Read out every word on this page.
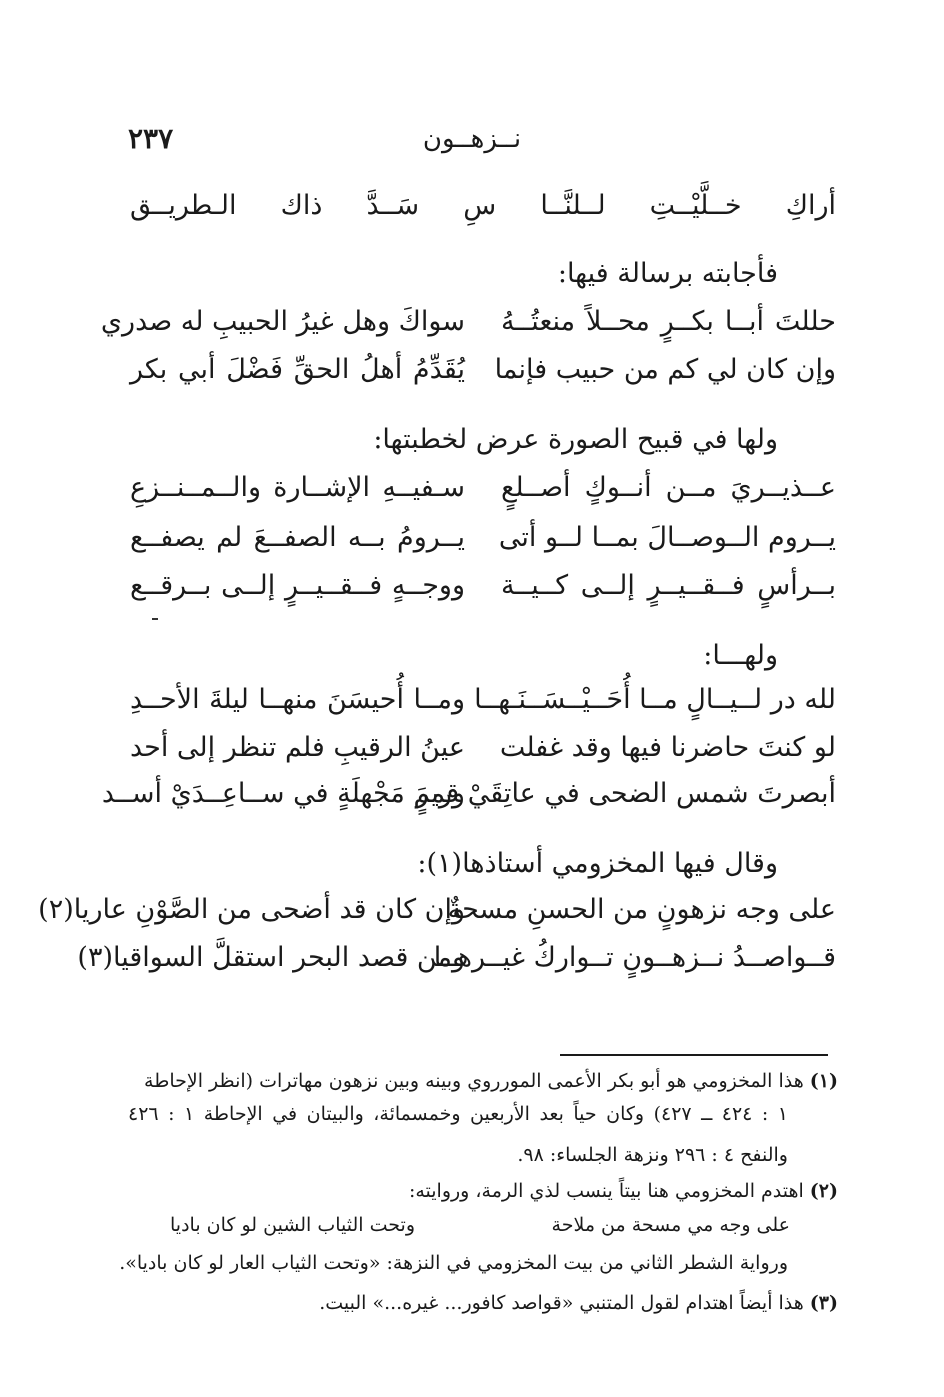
نــزهــون
٢٣٧
أراكِ
خــلَّيْــتِ
لــلنَّــا
سِ
سَــدَّ
ذاك
الـطريــق
فأجابته برسالة فيها:
حللتَ أبــا بكــرٍ محــلاً منعتُــهُ
سواكَ وهل غيرُ الحبيبِ له صدري
وإن كان لي كم من حبيب فإنما
يُقَدِّمُ أهلُ الحقِّ فَضْلَ أبي بكر
ولها في قبيح الصورة عرض لخطبتها:
عــذيــريَ مــن أنــوكٍ أصــلعٍ
سـفيــهِ الإشــارة والــمــنــزعِ
يــروم الــوصــالَ بمــا لــو أتى
يــرومُ بــه الصفــعَ لم يصفــع
بــرأسٍ فــقــيــرٍ إلــى كــيــة
ووجــهٍ فــقــيــرٍ إلــى بــرقــع
ولهـــا:
لله در لــيــالٍ مــا أُحَــيْــسَــنَـهــا
ومــا أُحيسَنَ منهــا ليلةَ الأحــدِ
لو كنتَ حاضرنا فيها وقد غفلت
عينُ الرقيبِ فلم تنظر إلى أحد
أبصرتَ شمس الضحى في عاتِقَيْ قمرٍ
وريمَ مَجْهلَةٍ في ســاعِــدَيْ أســد
وقال فيها المخزومي أستاذها(١):
على وجه نزهونٍ من الحسنِ مسحةٌ
وإن كان قد أضحى من الصَّوْنِ عاريا(٢)
قــواصــدُ نــزهــونٍ تــواركُ غيــرهــا
ومن قصد البحر استقلَّ السواقيا(٣)
(١)هذا المخزومي هو أبو بكر الأعمى المورروي وبينه وبين نزهون مهاترات (انظر الإحاطة
١ : ٤٢٤ ــ ٤٢٧) وكان حياً بعد الأربعين وخمسمائة، والبيتان في الإحاطة ١ : ٤٢٦
والنفح ٤ : ٢٩٦ ونزهة الجلساء: ٩٨.
(٢)اهتدم المخزومي هنا بيتاً ينسب لذي الرمة، وروايته:
على وجه مي مسحة من ملاحة
وتحت الثياب الشين لو كان باديا
ورواية الشطر الثاني من بيت المخزومي في النزهة: «وتحت الثياب العار لو كان باديا».
(٣)هذا أيضاً اهتدام لقول المتنبي «قواصد كافور... غيره...» البيت.
